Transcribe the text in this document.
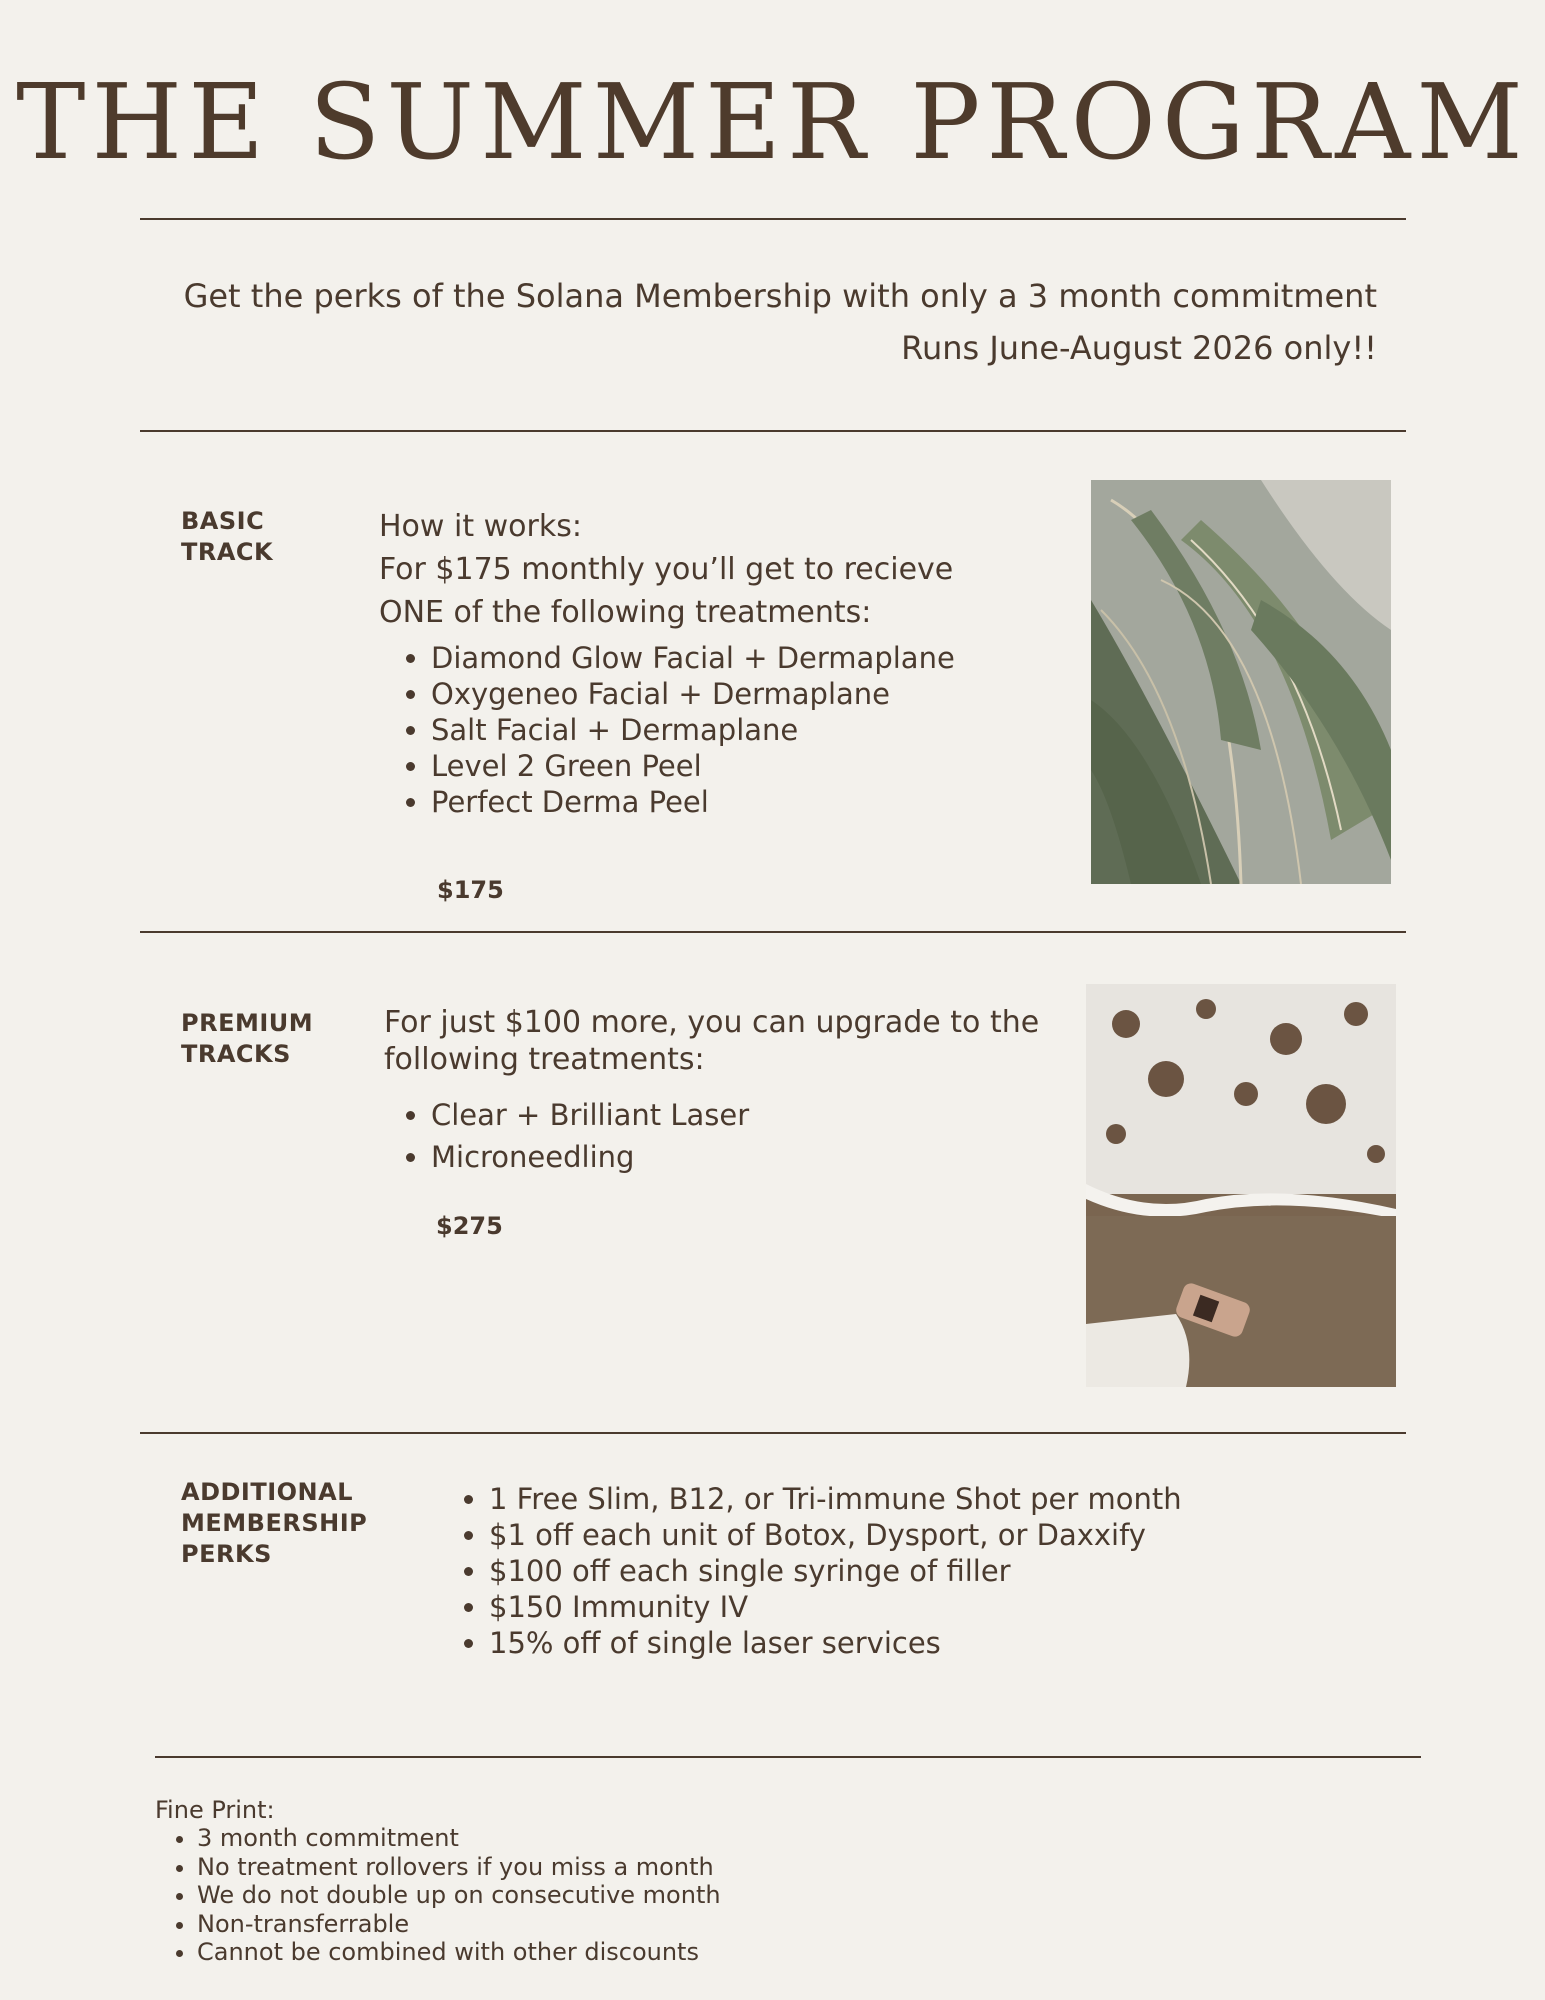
THE SUMMER PROGRAM
Get the perks of the Solana Membership with only a 3 month commitment
Runs June-August 2026 only!!
BASIC
TRACK
How it works:
For $175 monthly you’ll get to recieve
ONE of the following treatments:
• Diamond Glow Facial + Dermaplane
• Oxygeneo Facial + Dermaplane
• Salt Facial + Dermaplane
• Level 2 Green Peel
• Perfect Derma Peel
$175
PREMIUM
TRACKS
For just $100 more, you can upgrade to the
following treatments:
• Clear + Brilliant Laser
• Microneedling
$275
ADDITIONAL
MEMBERSHIP
PERKS
• 1 Free Slim, B12, or Tri-immune Shot per month
• $1 off each unit of Botox, Dysport, or Daxxify
• $100 off each single syringe of filler
• $150 Immunity IV
• 15% off of single laser services
Fine Print:
• 3 month commitment
• No treatment rollovers if you miss a month
• We do not double up on consecutive month
• Non-transferrable
• Cannot be combined with other discounts
